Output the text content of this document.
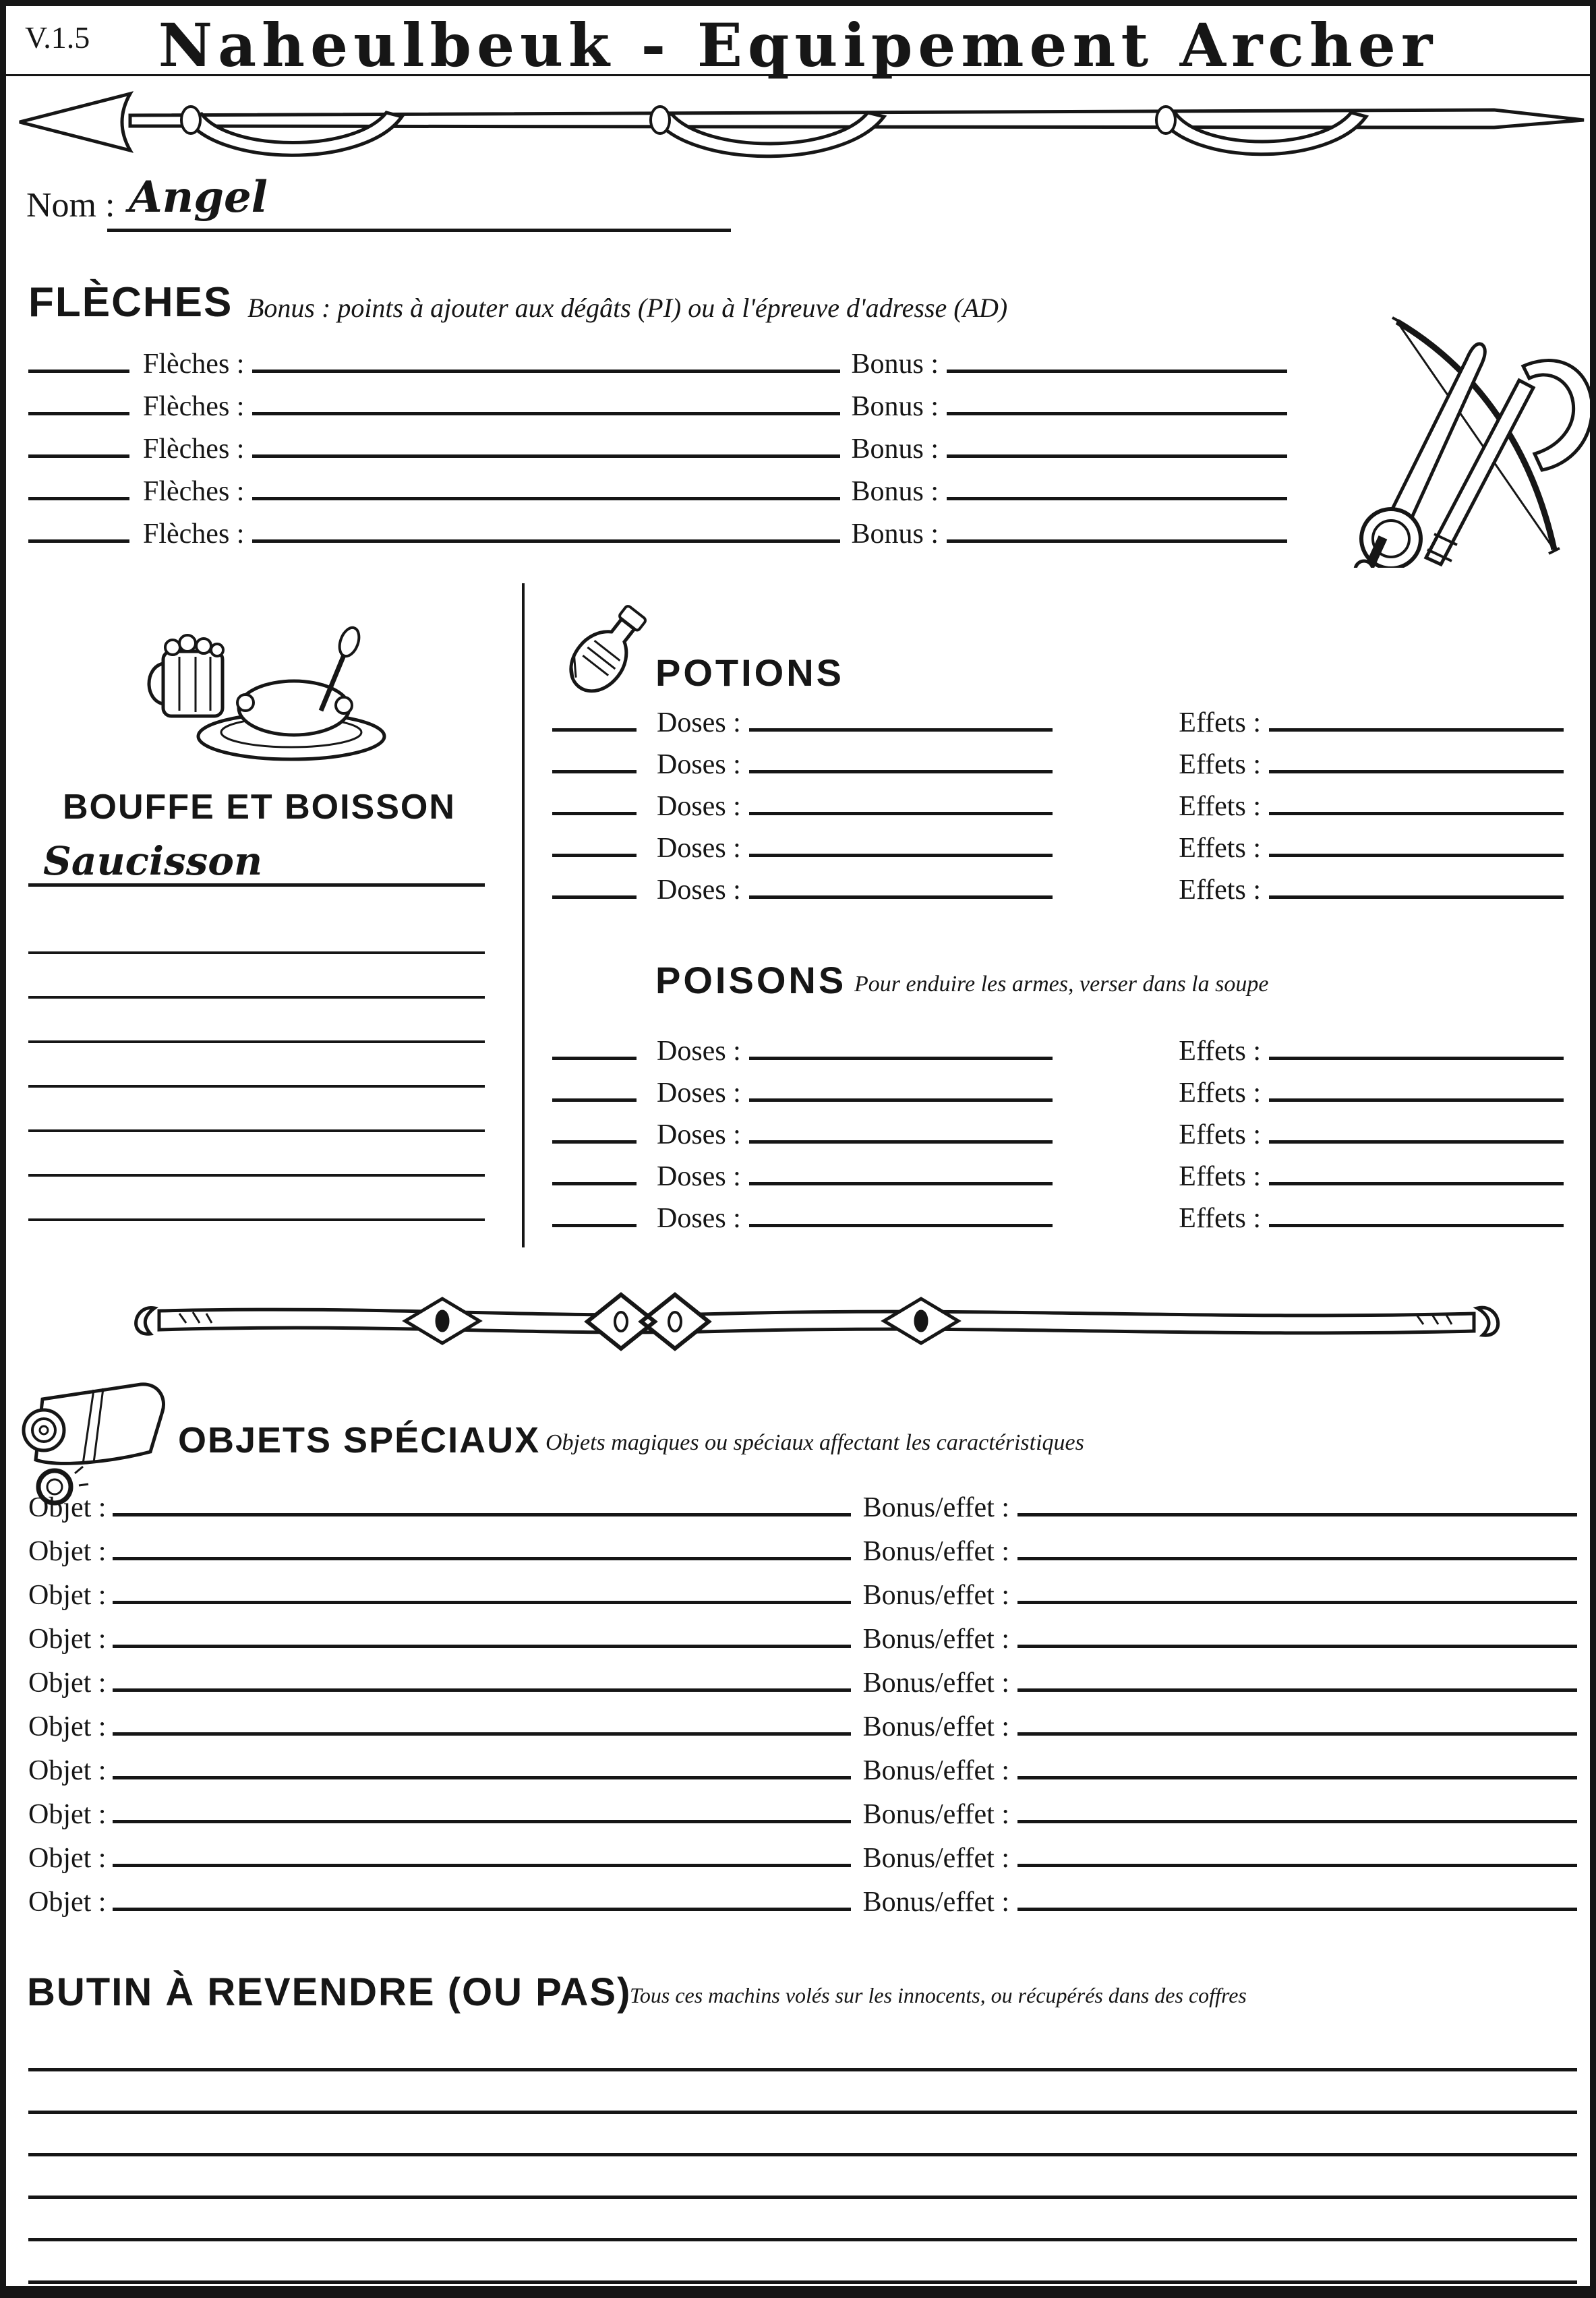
V.1.5	Naheulbeuk - Equipement Archer
Nom : Angel
FLÈCHES Bonus : points à ajouter aux dégâts (PI) ou à l'épreuve d'adresse (AD)
Flèches :	Bonus :
Flèches :	Bonus :
Flèches :	Bonus :
Flèches :	Bonus :
Flèches :	Bonus :
BOUFFE ET BOISSON
Saucisson
POTIONS
Doses :	Effets :
Doses :	Effets :
Doses :	Effets :
Doses :	Effets :
Doses :	Effets :
POISONS Pour enduire les armes, verser dans la soupe
Doses :	Effets :
Doses :	Effets :
Doses :	Effets :
Doses :	Effets :
Doses :	Effets :
OBJETS SPÉCIAUX Objets magiques ou spéciaux affectant les caractéristiques
Objet :	Bonus/effet :
Objet :	Bonus/effet :
Objet :	Bonus/effet :
Objet :	Bonus/effet :
Objet :	Bonus/effet :
Objet :	Bonus/effet :
Objet :	Bonus/effet :
Objet :	Bonus/effet :
Objet :	Bonus/effet :
Objet :	Bonus/effet :
BUTIN À REVENDRE (OU PAS)
Tous ces machins volés sur les innocents, ou récupérés dans des coffres
